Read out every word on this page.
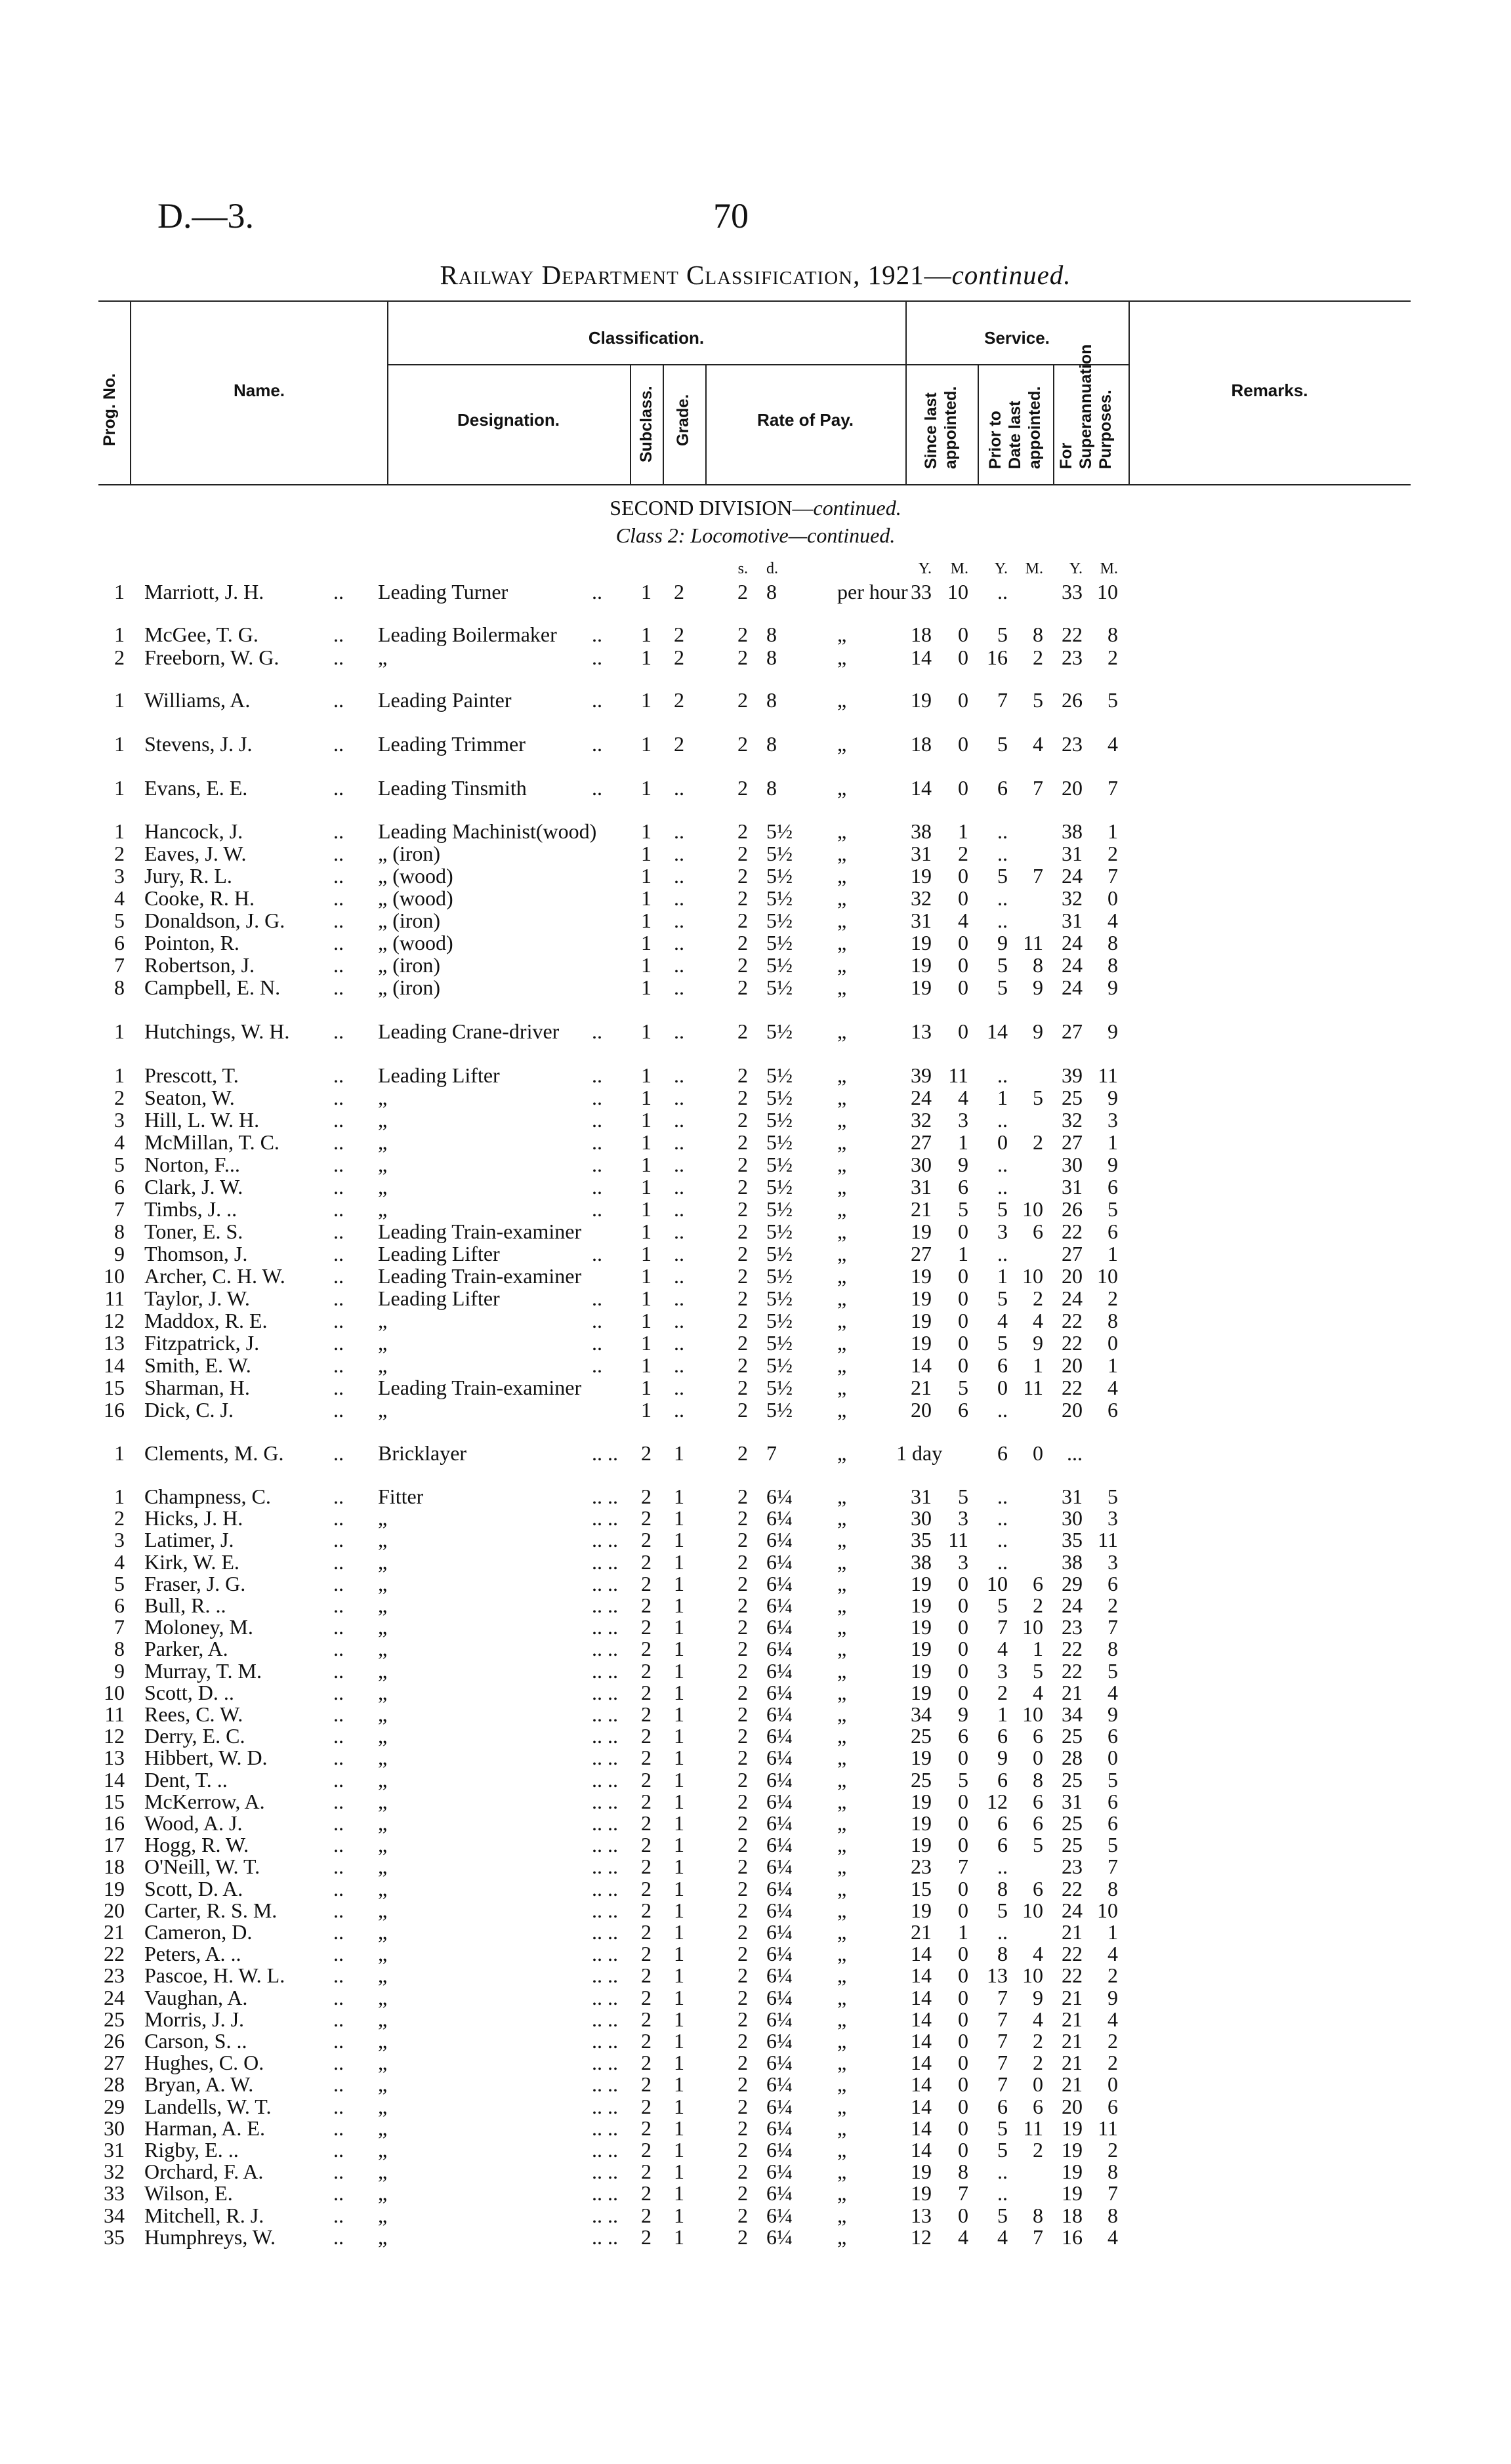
D.—3.	70
Railway Department Classification, 1921—continued.
Prog. No.	Name.
Classification.
Designation.	Subclass. Grade.	Rate of Pay.
Service.
Since last appointed. Prior to Date last appointed. For Superannuation Purposes.	Remarks.
SECOND DIVISION—continued.
Class 2: Locomotive—continued.
s. d.	Y.	M.	Y.	M.	Y.	M.
1 Marriott, J. H.	.. Leading Turner	.. 1 2	2 8	per hour 33 10	..	33 10
1 McGee, T. G.	.. Leading Boilermaker .. 1 2	2 8	„	18	0	5	8 22	8
2 Freeborn, W. G.	.. „	.. 1 2	2 8	„	14	0 16	2 23	2
1 Williams, A.	.. Leading Painter	.. 1 2	2 8	„	19	0	7	5 26	5
1 Stevens, J. J.	.. Leading Trimmer	.. 1 2	2 8	„	18	0	5	4 23	4
1 Evans, E. E.	.. Leading Tinsmith	.. 1 ..	2 8	„	14	0	6	7 20	7
1 Hancock, J.	.. Leading Machinist(wood) 1 ..	2 5½	„	38	1	..	38	1
2 Eaves, J. W.	.. „ (iron)	1 ..	2 5½	„	31	2	..	31	2
3 Jury, R. L.	.. „ (wood)	1 ..	2 5½	„	19	0	5	7 24	7
4 Cooke, R. H.	.. „ (wood)	1 ..	2 5½	„	32	0	..	32	0
5 Donaldson, J. G. .. „ (iron)	1 ..	2 5½	„	31	4	..	31	4
6 Pointon, R.	.. „ (wood)	1 ..	2 5½	„	19	0	9 11 24	8
7 Robertson, J.	.. „ (iron)	1 ..	2 5½	„	19	0	5	8 24	8
8 Campbell, E. N.	.. „ (iron)	1 ..	2 5½	„	19	0	5	9 24	9
1 Hutchings, W. H. .. Leading Crane-driver .. 1 ..	2 5½	„	13	0 14	9 27	9
1 Prescott, T.	.. Leading Lifter	.. 1 ..	2 5½	„	39 11	..	39 11
2 Seaton, W.	.. „	.. 1 ..	2 5½	„	24	4	1	5 25	9
3 Hill, L. W. H.	.. „	.. 1 ..	2 5½	„	32	3	..	32	3
4 McMillan, T. C.	.. „	.. 1 ..	2 5½	„	27	1	0	2 27	1
5 Norton, F...	.. „	.. 1 ..	2 5½	„	30	9	..	30	9
6 Clark, J. W.	.. „	.. 1 ..	2 5½	„	31	6	..	31	6
7 Timbs, J. ..	.. „	.. 1 ..	2 5½	„	21	5	5 10 26	5
8 Toner, E. S.	.. Leading Train-examiner	1 ..	2 5½	„	19	0	3	6 22	6
9 Thomson, J.	.. Leading Lifter	.. 1 ..	2 5½	„	27	1	..	27	1
10 Archer, C. H. W. .. Leading Train-examiner	1 ..	2 5½	„	19	0	1 10 20 10
11 Taylor, J. W.	.. Leading Lifter	.. 1 ..	2 5½	„	19	0	5	2 24	2
12 Maddox, R. E.	.. „	.. 1 ..	2 5½	„	19	0	4	4 22	8
13 Fitzpatrick, J.	.. „	.. 1 ..	2 5½	„	19	0	5	9 22	0
14 Smith, E. W.	.. „	.. 1 ..	2 5½	„	14	0	6	1 20	1
15 Sharman, H.	.. Leading Train-examiner	1 ..	2 5½	„	21	5	0 11 22	4
16 Dick, C. J.	.. „	1 ..	2 5½	„	20	6	..	20	6
1 Clements, M. G. .. Bricklayer	.. .. 2 1	2 7	„ 1 day	6	0	...
1 Champness, C.	.. Fitter	.. .. 2 1	2 6¼	„	31	5	..	31	5
2 Hicks, J. H.	.. „	.. .. 2 1	2 6¼	„	30	3	..	30	3
3 Latimer, J.	.. „	.. .. 2 1	2 6¼	„	35 11	..	35 11
4 Kirk, W. E.	.. „	.. .. 2 1	2 6¼	„	38	3	..	38	3
5 Fraser, J. G.	.. „	.. .. 2 1	2 6¼	„	19	0 10	6 29	6
6 Bull, R. ..	.. „	.. .. 2 1	2 6¼	„	19	0	5	2 24	2
7 Moloney, M.	.. „	.. .. 2 1	2 6¼	„	19	0	7 10 23	7
8 Parker, A.	.. „	.. .. 2 1	2 6¼	„	19	0	4	1 22	8
9 Murray, T. M.	.. „	.. .. 2 1	2 6¼	„	19	0	3	5 22	5
10 Scott, D. ..	.. „	.. .. 2 1	2 6¼	„	19	0	2	4 21	4
11 Rees, C. W.	.. „	.. .. 2 1	2 6¼	„	34	9	1 10 34	9
12 Derry, E. C.	.. „	.. .. 2 1	2 6¼	„	25	6	6	6 25	6
13 Hibbert, W. D.	.. „	.. .. 2 1	2 6¼	„	19	0	9	0 28	0
14 Dent, T. ..	.. „	.. .. 2 1	2 6¼	„	25	5	6	8 25	5
15 McKerrow, A.	.. „	.. .. 2 1	2 6¼	„	19	0 12	6 31	6
16 Wood, A. J.	.. „	.. .. 2 1	2 6¼	„	19	0	6	6 25	6
17 Hogg, R. W.	.. „	.. .. 2 1	2 6¼	„	19	0	6	5 25	5
18 O'Neill, W. T.	.. „	.. .. 2 1	2 6¼	„	23	7	..	23	7
19 Scott, D. A.	.. „	.. .. 2 1	2 6¼	„	15	0	8	6 22	8
20 Carter, R. S. M.	.. „	.. .. 2 1	2 6¼	„	19	0	5 10 24 10
21 Cameron, D.	.. „	.. .. 2 1	2 6¼	„	21	1	..	21	1
22 Peters, A. ..	.. „	.. .. 2 1	2 6¼	„	14	0	8	4 22	4
23 Pascoe, H. W. L. .. „	.. .. 2 1	2 6¼	„	14	0 13 10 22	2
24 Vaughan, A.	.. „	.. .. 2 1	2 6¼	„	14	0	7	9 21	9
25 Morris, J. J.	.. „	.. .. 2 1	2 6¼	„	14	0	7	4 21	4
26 Carson, S. ..	.. „	.. .. 2 1	2 6¼	„	14	0	7	2 21	2
27 Hughes, C. O.	.. „	.. .. 2 1	2 6¼	„	14	0	7	2 21	2
28 Bryan, A. W.	.. „	.. .. 2 1	2 6¼	„	14	0	7	0 21	0
29 Landells, W. T.	.. „	.. .. 2 1	2 6¼	„	14	0	6	6 20	6
30 Harman, A. E.	.. „	.. .. 2 1	2 6¼	„	14	0	5 11 19 11
31 Rigby, E. ..	.. „	.. .. 2 1	2 6¼	„	14	0	5	2 19	2
32 Orchard, F. A.	.. „	.. .. 2 1	2 6¼	„	19	8	..	19	8
33 Wilson, E.	.. „	.. .. 2 1	2 6¼	„	19	7	..	19	7
34 Mitchell, R. J.	.. „	.. .. 2 1	2 6¼	„	13	0	5	8 18	8
35 Humphreys, W.	.. „	.. .. 2 1	2 6¼	„	12	4	4	7 16	4
